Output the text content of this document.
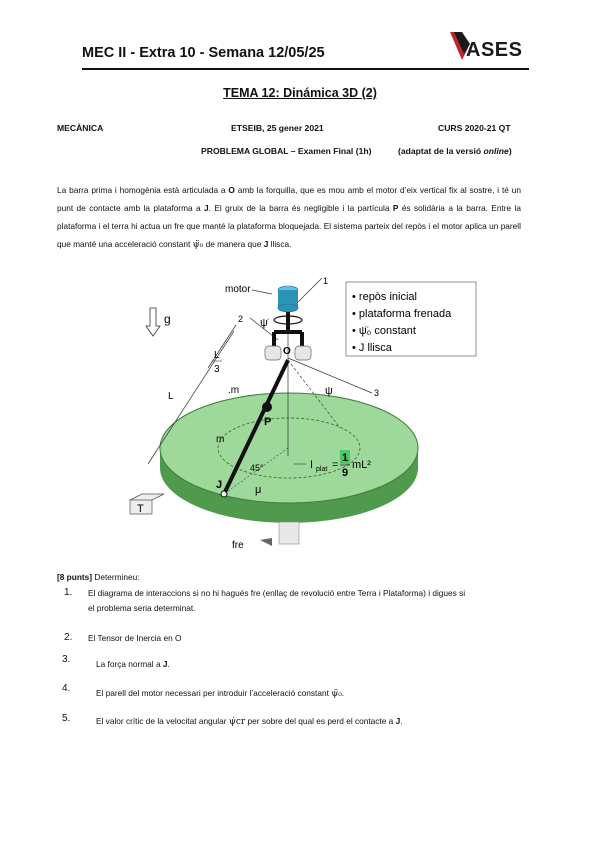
MEC II - Extra 10 - Semana 12/05/25	ASES
TEMA 12: Dinámica 3D (2)
MECÀNICA	ETSEIB, 25 gener 2021	CURS 2020-21 QT
PROBLEMA GLOBAL – Examen Final (1h)	(adaptat de la versió online)
La barra prima i homogènia està articulada a O amb la forquilla, que es mou amb el motor d’eix vertical fix al sostre, i té un punt de contacte amb la plataforma a J. El gruix de la barra és negligible i la partícula P és solidària a la barra. Entre la plataforma i el terra hi actua un fre que manté la plataforma bloquejada. El sistema parteix del repòs i el motor aplica un parell que manté una acceleració constant ψ̈₀ de manera que J llisca.
• repòs inicial
• plataforma frenada
• ψ̈₀ constant
• J llisca
g
fre
1
3
2
motor
ψ̇
O
P
J
.m
m
45°
μ
ψ
L
L
3
I plat =
1
9
mL²
T
[8 punts] Determineu:
1. El diagrama de interaccions si no hi hagués fre (enllaç de revolució entre Terra i Plataforma) i digues si el problema seria determinat.
2. El Tensor de Inercia en O
3.	La força normal a J.
4.	El parell del motor necessari per introduir l’acceleració constant ψ̈₀.
5.	El valor crític de la velocitat angular ψ̇cr per sobre del qual es perd el contacte a J.
